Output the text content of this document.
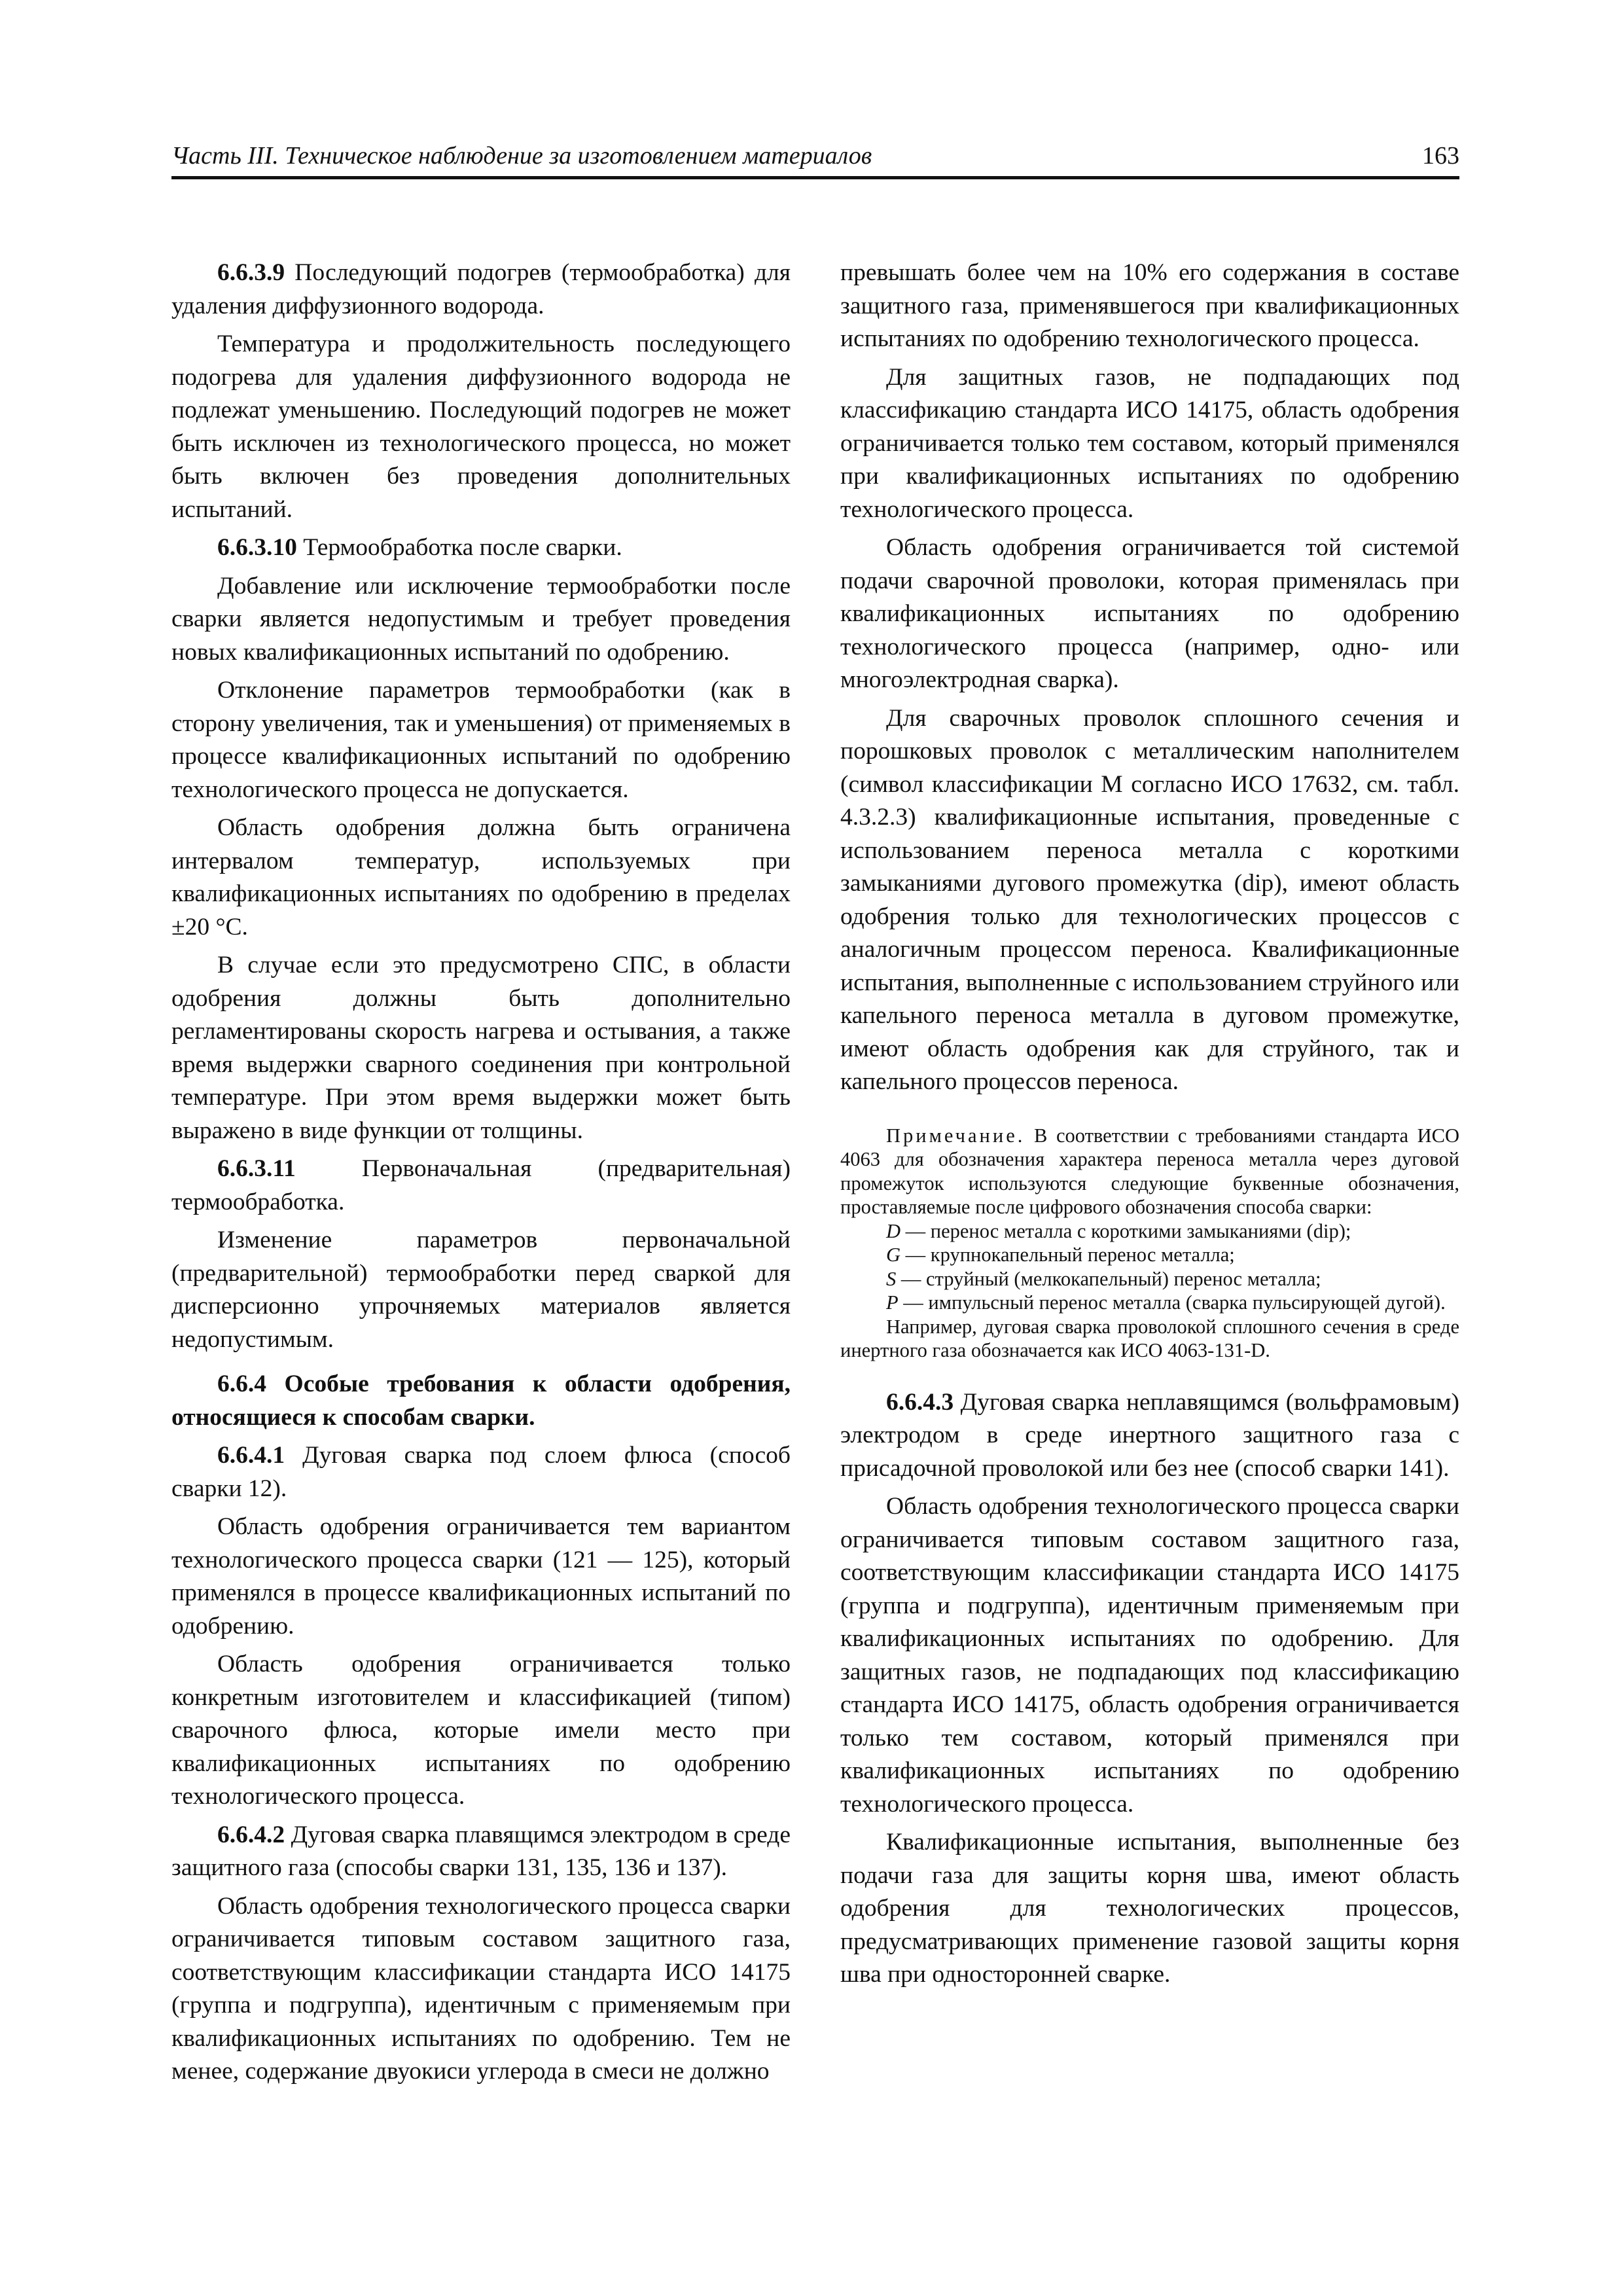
Часть III. Техническое наблюдение за изготовлением материалов	163

6.6.3.9 Последующий подогрев (термообработка) для удаления диффузионного водорода.

Температура и продолжительность последующего подогрева для удаления диффузионного водорода не подлежат уменьшению. Последующий подогрев не может быть исключен из технологического процесса, но может быть включен без проведения дополнительных испытаний.

6.6.3.10 Термообработка после сварки.

Добавление или исключение термообработки после сварки является недопустимым и требует проведения новых квалификационных испытаний по одобрению.

Отклонение параметров термообработки (как в сторону увеличения, так и уменьшения) от применяемых в процессе квалификационных испытаний по одобрению технологического процесса не допускается.

Область одобрения должна быть ограничена интервалом температур, используемых при квалификационных испытаниях по одобрению в пределах ±20 °C.

В случае если это предусмотрено СПС, в области одобрения должны быть дополнительно регламентированы скорость нагрева и остывания, а также время выдержки сварного соединения при контрольной температуре. При этом время выдержки может быть выражено в виде функции от толщины.

6.6.3.11 Первоначальная (предварительная) термообработка.

Изменение параметров первоначальной (предварительной) термообработки перед сваркой для дисперсионно упрочняемых материалов является недопустимым.

6.6.4 Особые требования к области одобрения, относящиеся к способам сварки.

6.6.4.1 Дуговая сварка под слоем флюса (способ сварки 12).

Область одобрения ограничивается тем вариантом технологического процесса сварки (121 — 125), который применялся в процессе квалификационных испытаний по одобрению.

Область одобрения ограничивается только конкретным изготовителем и классификацией (типом) сварочного флюса, которые имели место при квалификационных испытаниях по одобрению технологического процесса.

6.6.4.2 Дуговая сварка плавящимся электродом в среде защитного газа (способы сварки 131, 135, 136 и 137).

Область одобрения технологического процесса сварки ограничивается типовым составом защитного газа, соответствующим классификации стандарта ИСО 14175 (группа и подгруппа), идентичным с применяемым при квалификационных испытаниях по одобрению. Тем не менее, содержание двуокиси углерода в смеси не должно

превышать более чем на 10% его содержания в составе защитного газа, применявшегося при квалификационных испытаниях по одобрению технологического процесса.

Для защитных газов, не подпадающих под классификацию стандарта ИСО 14175, область одобрения ограничивается только тем составом, который применялся при квалификационных испытаниях по одобрению технологического процесса.

Область одобрения ограничивается той системой подачи сварочной проволоки, которая применялась при квалификационных испытаниях по одобрению технологического процесса (например, одно- или многоэлектродная сварка).

Для сварочных проволок сплошного сечения и порошковых проволок с металлическим наполнителем (символ классификации М согласно ИСО 17632, см. табл. 4.3.2.3) квалификационные испытания, проведенные с использованием переноса металла с короткими замыканиями дугового промежутка (dip), имеют область одобрения только для технологических процессов с аналогичным процессом переноса. Квалификационные испытания, выполненные с использованием струйного или капельного переноса металла в дуговом промежутке, имеют область одобрения как для струйного, так и капельного процессов переноса.

Примечание. В соответствии с требованиями стандарта ИСО 4063 для обозначения характера переноса металла через дуговой промежуток используются следующие буквенные обозначения, проставляемые после цифрового обозначения способа сварки:

D — перенос металла с короткими замыканиями (dip);

G — крупнокапельный перенос металла;

S — струйный (мелкокапельный) перенос металла;

P — импульсный перенос металла (сварка пульсирующей дугой).

Например, дуговая сварка проволокой сплошного сечения в среде инертного газа обозначается как ИСО 4063-131-D.

6.6.4.3 Дуговая сварка неплавящимся (вольфрамовым) электродом в среде инертного защитного газа с присадочной проволокой или без нее (способ сварки 141).

Область одобрения технологического процесса сварки ограничивается типовым составом защитного газа, соответствующим классификации стандарта ИСО 14175 (группа и подгруппа), идентичным применяемым при квалификационных испытаниях по одобрению. Для защитных газов, не подпадающих под классификацию стандарта ИСО 14175, область одобрения ограничивается только тем составом, который применялся при квалификационных испытаниях по одобрению технологического процесса.

Квалификационные испытания, выполненные без подачи газа для защиты корня шва, имеют область одобрения для технологических процессов, предусматривающих применение газовой защиты корня шва при односторонней сварке.
